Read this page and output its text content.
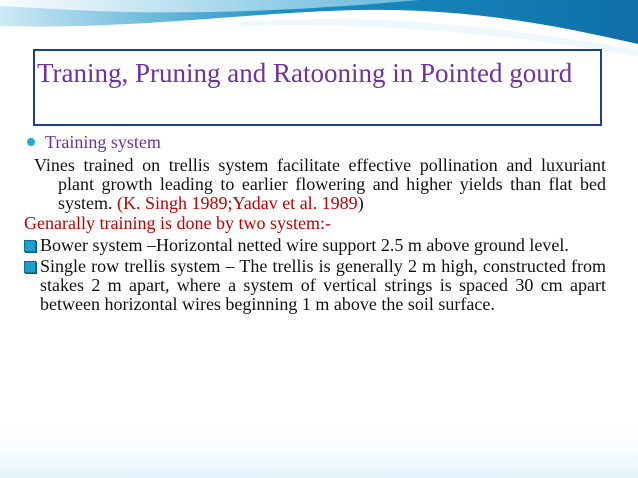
Traning, Pruning and Ratooning in Pointed gourd
Training system
Vines trained on trellis system facilitate effective pollination and luxuriant plant growth leading to earlier flowering and higher yields than flat bed system. (K. Singh 1989;Yadav et al. 1989)
Genarally training is done by two system:-
Bower system –Horizontal netted wire support 2.5 m above ground level.
Single row trellis system – The trellis is generally 2 m high, constructed from stakes 2 m apart, where a system of vertical strings is spaced 30 cm apart between horizontal wires beginning 1 m above the soil surface.
